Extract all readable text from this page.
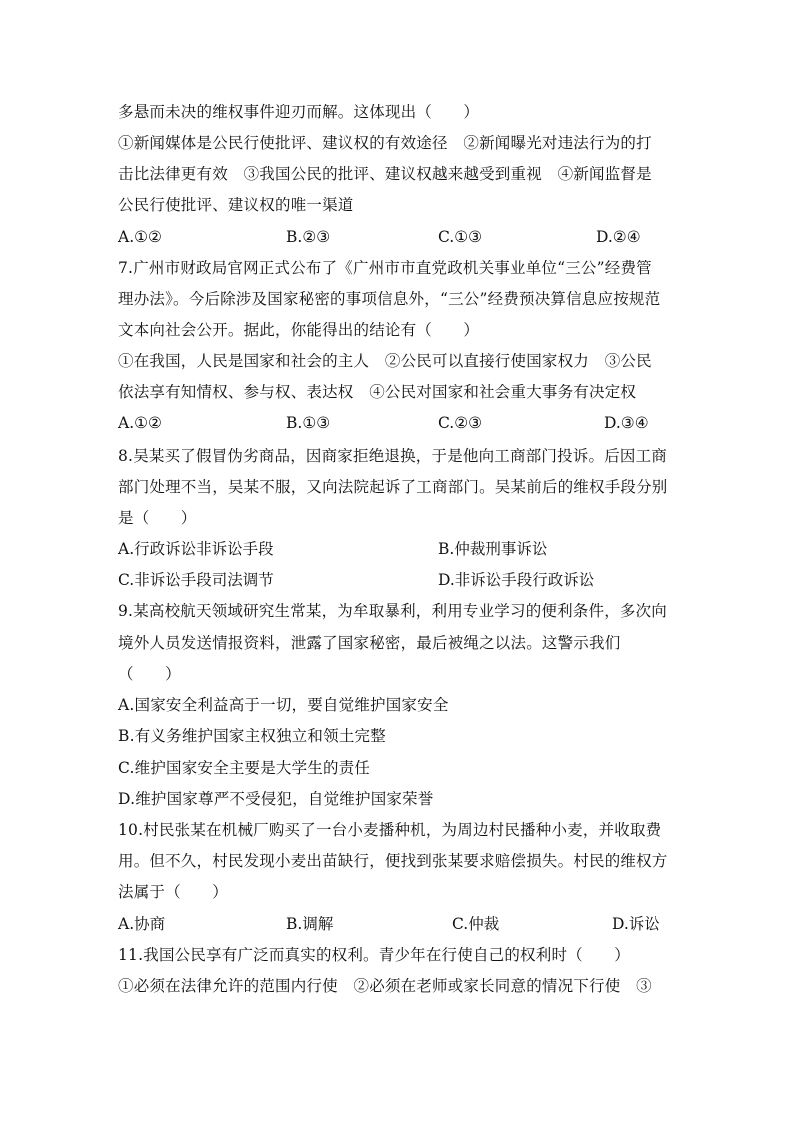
多悬而未决的维权事件迎刃而解。这体现出（　　）
①新闻媒体是公民行使批评、建议权的有效途径　②新闻曝光对违法行为的打
击比法律更有效　③我国公民的批评、建议权越来越受到重视　④新闻监督是
公民行使批评、建议权的唯一渠道
A.①②	B.②③	C.①③	D.②④
7.广州市财政局官网正式公布了《广州市市直党政机关事业单位“三公”经费管
理办法》。今后除涉及国家秘密的事项信息外，“三公”经费预决算信息应按规范
文本向社会公开。据此，你能得出的结论有（　　）
①在我国，人民是国家和社会的主人　②公民可以直接行使国家权力　③公民
依法享有知情权、参与权、表达权　④公民对国家和社会重大事务有决定权
A.①②	B.①③	C.②③	D.③④
8.吴某买了假冒伪劣商品，因商家拒绝退换，于是他向工商部门投诉。后因工商
部门处理不当，吴某不服，又向法院起诉了工商部门。吴某前后的维权手段分别
是（　　）
A.行政诉讼非诉讼手段	B.仲裁刑事诉讼
C.非诉讼手段司法调节	D.非诉讼手段行政诉讼
9.某高校航天领域研究生常某，为牟取暴利，利用专业学习的便利条件，多次向
境外人员发送情报资料，泄露了国家秘密，最后被绳之以法。这警示我们
（　　）
A.国家安全利益高于一切，要自觉维护国家安全
B.有义务维护国家主权独立和领土完整
C.维护国家安全主要是大学生的责任
D.维护国家尊严不受侵犯，自觉维护国家荣誉
10.村民张某在机械厂购买了一台小麦播种机，为周边村民播种小麦，并收取费
用。但不久，村民发现小麦出苗缺行，便找到张某要求赔偿损失。村民的维权方
法属于（　　）
A.协商	B.调解	C.仲裁	D.诉讼
11.我国公民享有广泛而真实的权利。青少年在行使自己的权利时（　　）
①必须在法律允许的范围内行使　②必须在老师或家长同意的情况下行使　③
